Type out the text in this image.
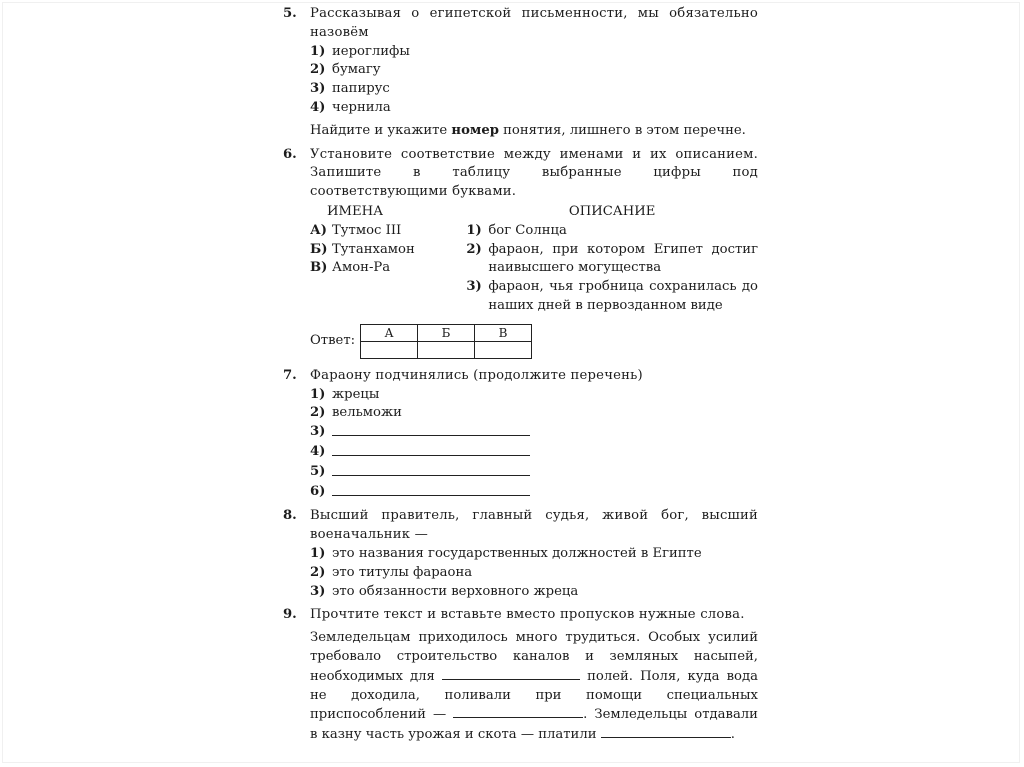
5. Рассказывая о египетской письменности, мы обязательно назовём
1) иероглифы
2) бумагу
3) папирус
4) чернила
Найдите и укажите номер понятия, лишнего в этом перечне.
6. Установите соответствие между именами и их описанием. Запишите в таблицу выбранные цифры под соответствующими буквами.
ИМЕНА
А) Тутмос III
Б) Тутанхамон
В) Амон-Ра
ОПИСАНИЕ
1) бог Солнца
2) фараон, при котором Египет достиг наивысшего могущества
3) фараон, чья гробница сохранилась до наших дней в первозданном виде
Ответ:
А	Б	В

7. Фараону подчинялись (продолжите перечень)
1) жрецы
2) вельможи
3)
4)
5)
6)
8. Высший правитель, главный судья, живой бог, высший военачальник —
1) это названия государственных должностей в Египте
2) это титулы фараона
3) это обязанности верховного жреца
9. Прочтите текст и вставьте вместо пропусков нужные слова.
Земледельцам приходилось много трудиться. Особых усилий требовало строительство каналов и земляных насыпей, необходимых для	полей. Поля, куда вода не доходила, поливали при помощи специальных приспособлений —	. Земледельцы отдавали в казну часть урожая и скота — платили	.
